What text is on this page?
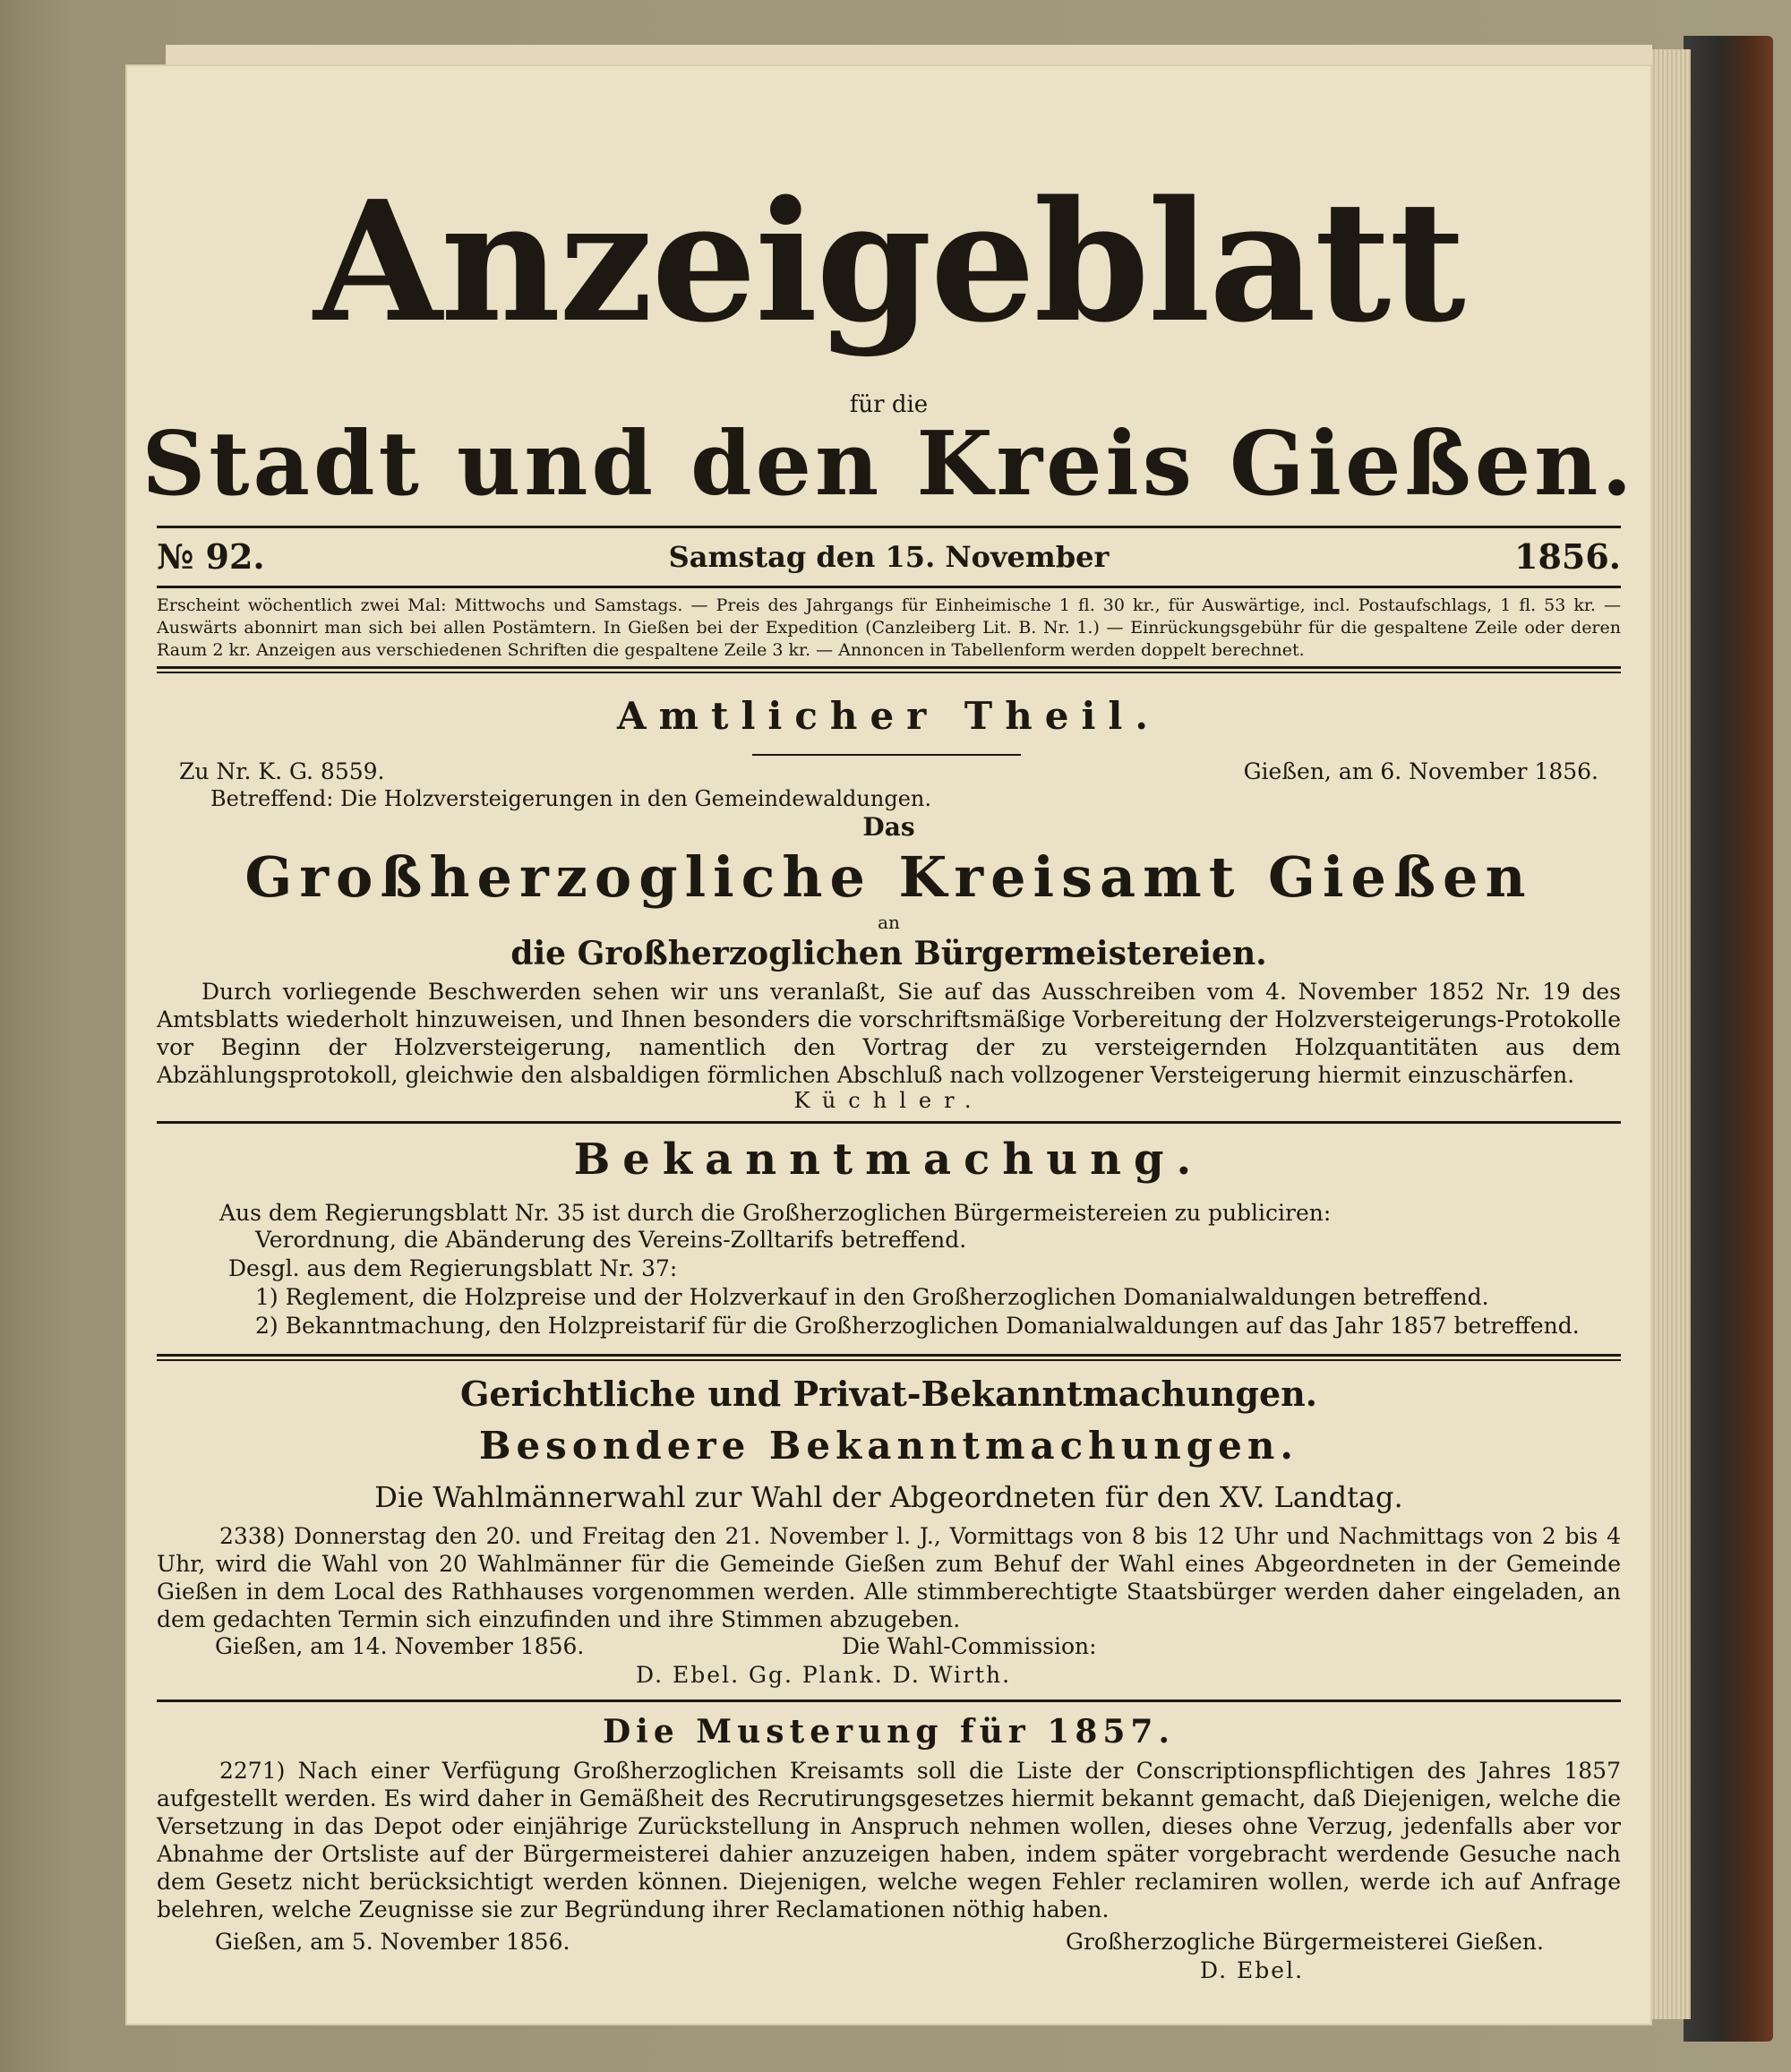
Anzeigeblatt
für die
Stadt und den Kreis Gießen.
№ 92.	Samstag den 15. November	1856.

Erscheint wöchentlich zwei Mal: Mittwochs und Samstags. — Preis des Jahrgangs für Einheimische 1 fl. 30 kr., für Auswärtige, incl. Postaufschlags, 1 fl. 53 kr. — Auswärts abonnirt man sich bei allen Postämtern. In Gießen bei der Expedition (Canzleiberg Lit. B. Nr. 1.) — Einrückungsgebühr für die gespaltene Zeile oder deren Raum 2 kr. Anzeigen aus verschiedenen Schriften die gespaltene Zeile 3 kr. — Annoncen in Tabellenform werden doppelt berechnet.

Amtlicher Theil.
Zu Nr. K. G. 8559.	Gießen, am 6. November 1856.
Betreffend: Die Holzversteigerungen in den Gemeindewaldungen.
Das
Großherzogliche Kreisamt Gießen
an
die Großherzoglichen Bürgermeistereien.

Durch vorliegende Beschwerden sehen wir uns veranlaßt, Sie auf das Ausschreiben vom 4. November 1852 Nr. 19 des Amtsblatts wiederholt hinzuweisen, und Ihnen besonders die vorschriftsmäßige Vorbereitung der Holzversteigerungs-Protokolle vor Beginn der Holzversteigerung, namentlich den Vortrag der zu versteigernden Holzquantitäten aus dem Abzählungsprotokoll, gleichwie den alsbaldigen förmlichen Abschluß nach vollzogener Versteigerung hiermit einzuschärfen.

Küchler.
Bekanntmachung.
Aus dem Regierungsblatt Nr. 35 ist durch die Großherzoglichen Bürgermeistereien zu publiciren:
Verordnung, die Abänderung des Vereins-Zolltarifs betreffend.
Desgl. aus dem Regierungsblatt Nr. 37:
1) Reglement, die Holzpreise und der Holzverkauf in den Großherzoglichen Domanialwaldungen betreffend.
2) Bekanntmachung, den Holzpreistarif für die Großherzoglichen Domanialwaldungen auf das Jahr 1857 betreffend.
Gerichtliche und Privat-Bekanntmachungen.
Besondere Bekanntmachungen.
Die Wahlmännerwahl zur Wahl der Abgeordneten für den XV. Landtag.

2338) Donnerstag den 20. und Freitag den 21. November l. J., Vormittags von 8 bis 12 Uhr und Nachmittags von 2 bis 4 Uhr, wird die Wahl von 20 Wahlmänner für die Gemeinde Gießen zum Behuf der Wahl eines Abgeordneten in der Gemeinde Gießen in dem Local des Rathhauses vorgenommen werden. Alle stimmberechtigte Staatsbürger werden daher eingeladen, an dem gedachten Termin sich einzufinden und ihre Stimmen abzugeben.

Gießen, am 14. November 1856.	Die Wahl-Commission:
D. Ebel. Gg. Plank. D. Wirth.
Die Musterung für 1857.

2271) Nach einer Verfügung Großherzoglichen Kreisamts soll die Liste der Conscriptionspflichtigen des Jahres 1857 aufgestellt werden. Es wird daher in Gemäßheit des Recrutirungsgesetzes hiermit bekannt gemacht, daß Diejenigen, welche die Versetzung in das Depot oder einjährige Zurückstellung in Anspruch nehmen wollen, dieses ohne Verzug, jedenfalls aber vor Abnahme der Ortsliste auf der Bürgermeisterei dahier anzuzeigen haben, indem später vorgebracht werdende Gesuche nach dem Gesetz nicht berücksichtigt werden können. Diejenigen, welche wegen Fehler reclamiren wollen, werde ich auf Anfrage belehren, welche Zeugnisse sie zur Begründung ihrer Reclamationen nöthig haben.

Gießen, am 5. November 1856.	Großherzogliche Bürgermeisterei Gießen.
D. Ebel.
